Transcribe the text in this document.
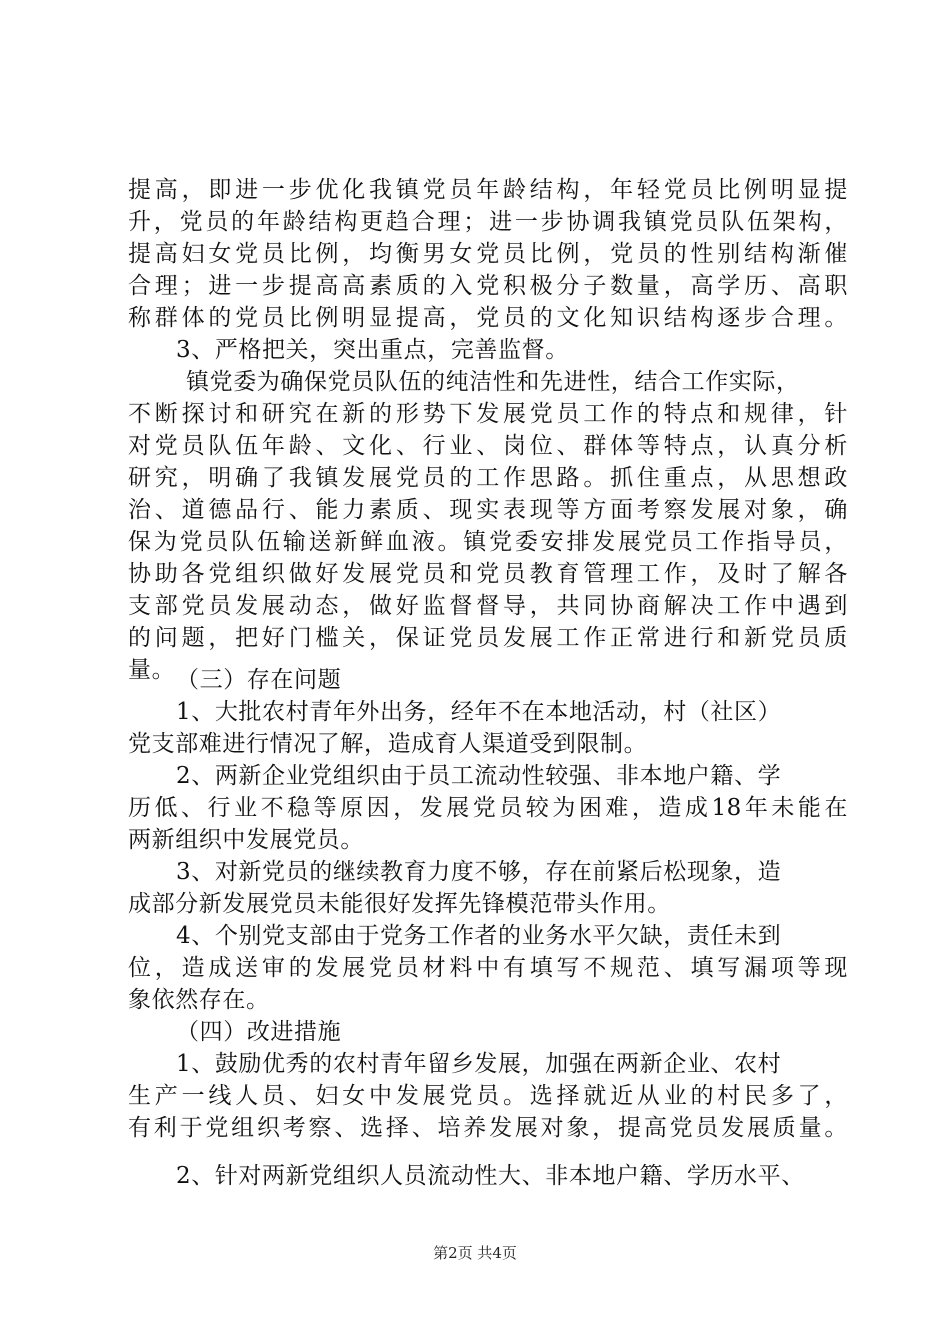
提高，即进一步优化我镇党员年龄结构，年轻党员比例明显提
升，党员的年龄结构更趋合理；进一步协调我镇党员队伍架构，
提高妇女党员比例，均衡男女党员比例，党员的性别结构渐催
合理；进一步提高高素质的入党积极分子数量，高学历、高职
称群体的党员比例明显提高，党员的文化知识结构逐步合理。
3、严格把关，突出重点，完善监督。
镇党委为确保党员队伍的纯洁性和先进性，结合工作实际，
不断探讨和研究在新的形势下发展党员工作的特点和规律，针
对党员队伍年龄、文化、行业、岗位、群体等特点，认真分析
研究，明确了我镇发展党员的工作思路。抓住重点，从思想政
治、道德品行、能力素质、现实表现等方面考察发展对象，确
保为党员队伍输送新鲜血液。镇党委安排发展党员工作指导员，
协助各党组织做好发展党员和党员教育管理工作，及时了解各
支部党员发展动态，做好监督督导，共同协商解决工作中遇到
的问题，把好门槛关，保证党员发展工作正常进行和新党员质
量。 （三）存在问题
1、大批农村青年外出务，经年不在本地活动，村（社区）
党支部难进行情况了解，造成育人渠道受到限制。
2、两新企业党组织由于员工流动性较强、非本地户籍、学
历低、行业不稳等原因，发展党员较为困难，造成18年未能在
两新组织中发展党员。
3、对新党员的继续教育力度不够，存在前紧后松现象，造
成部分新发展党员未能很好发挥先锋模范带头作用。
4、个别党支部由于党务工作者的业务水平欠缺，责任未到
位，造成送审的发展党员材料中有填写不规范、填写漏项等现
象依然存在。
（四）改进措施
1、鼓励优秀的农村青年留乡发展，加强在两新企业、农村
生产一线人员、妇女中发展党员。选择就近从业的村民多了，
有利于党组织考察、选择、培养发展对象，提高党员发展质量。
2、针对两新党组织人员流动性大、非本地户籍、学历水平、
第2页 共4页
